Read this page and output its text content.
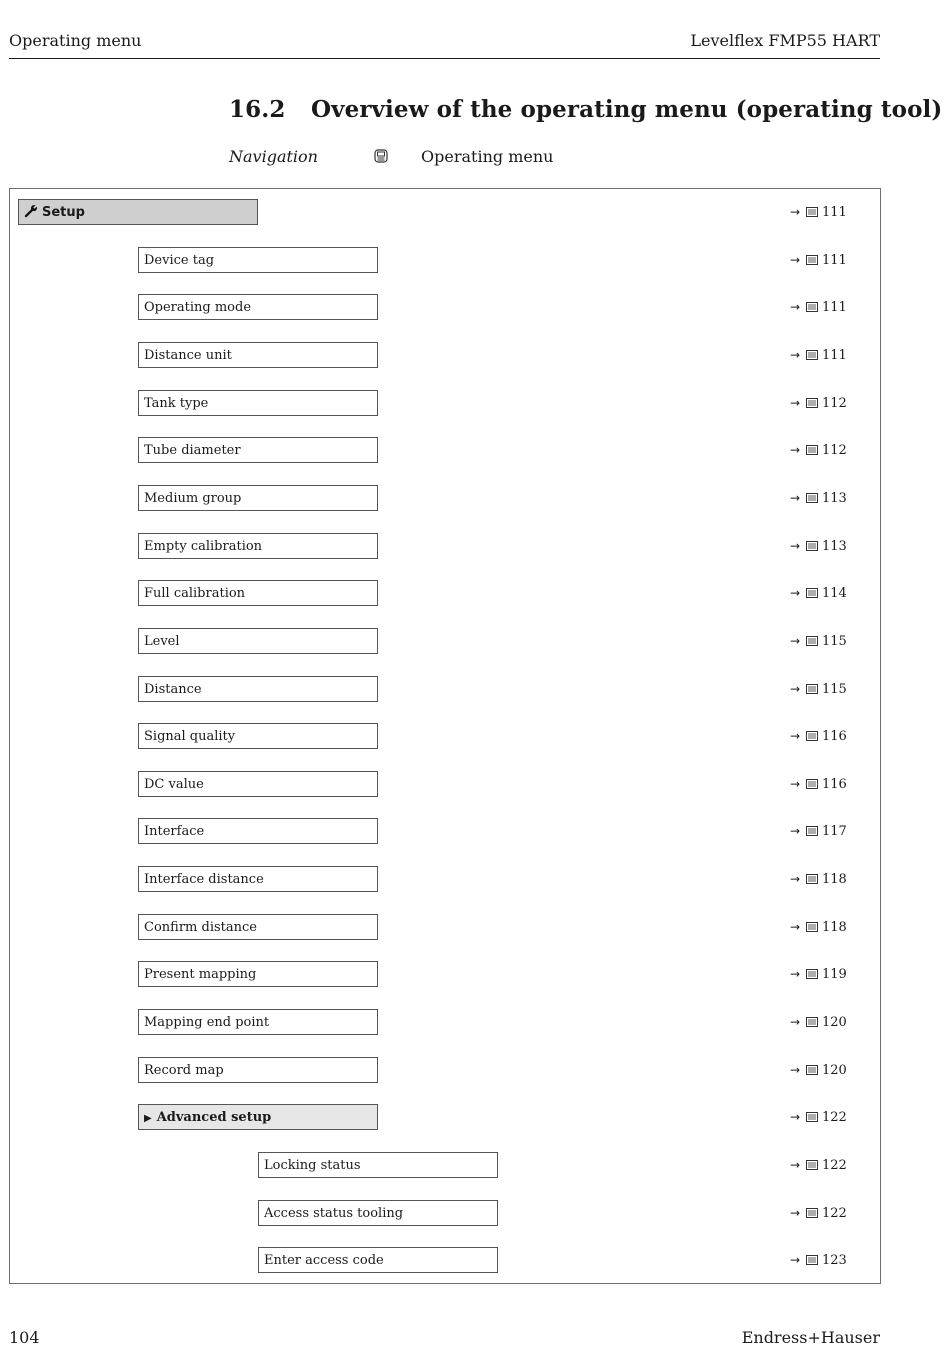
Operating menu	Levelflex FMP55 HART
16.2 Overview of the operating menu (operating tool)
Navigation	Operating menu
Setup	→ 111
Device tag	→ 111
Operating mode	→ 111
Distance unit	→ 111
Tank type	→ 112
Tube diameter	→ 112
Medium group	→ 113
Empty calibration	→ 113
Full calibration	→ 114
Level	→ 115
Distance	→ 115
Signal quality	→ 116
DC value	→ 116
Interface	→ 117
Interface distance	→ 118
Confirm distance	→ 118
Present mapping	→ 119
Mapping end point	→ 120
Record map	→ 120
▶ Advanced setup	→ 122
Locking status	→ 122
Access status tooling	→ 122
Enter access code	→ 123
104	Endress+Hauser
